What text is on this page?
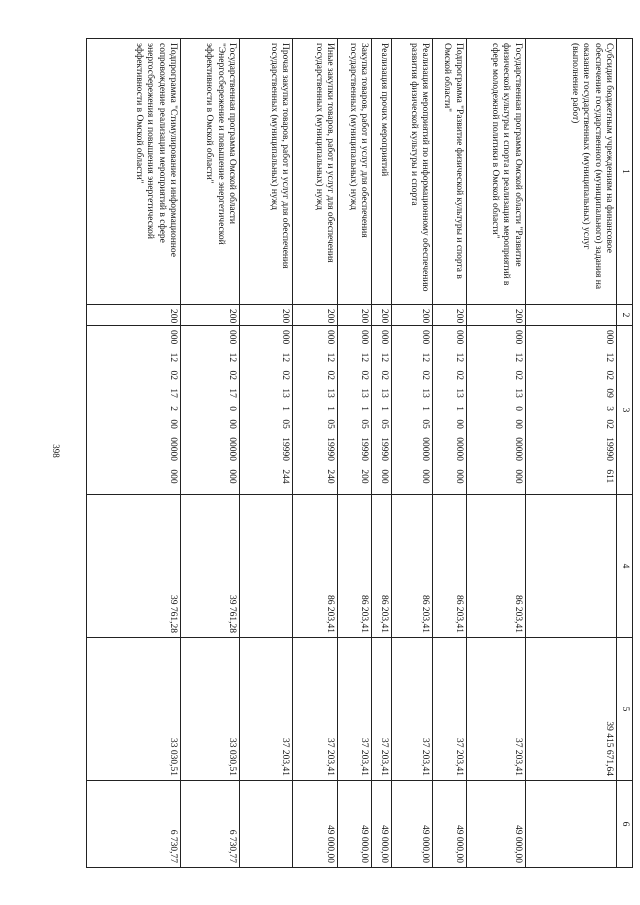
398
1	2	3	4	5	6
Субсидии бюджетным учреждениям на финансовое обеспечение государственного (муниципального) задания на оказание государственных (муниципальных) услуг (выполнение работ)		000 12 02 09 3 02 19990 611		39 415 671,64	
Государственная программа Омской области "Развитие физической культуры и спорта и реализация мероприятий в сфере молодежной политики в Омской области"	200	000 12 02 13 0 00 00000 000	86 203,41	37 203,41	49 000,00
Подпрограмма "Развитие физической культуры и спорта в Омской области"	200	000 12 02 13 1 00 00000 000	86 203,41	37 203,41	49 000,00
Реализация мероприятий по информационному обеспечению развития физической культуры и спорта	200	000 12 02 13 1 05 00000 000	86 203,41	37 203,41	49 000,00
Реализация прочих мероприятий	200	000 12 02 13 1 05 19990 000	86 203,41	37 203,41	49 000,00
Закупка товаров, работ и услуг для обеспечения государственных (муниципальных) нужд	200	000 12 02 13 1 05 19990 200	86 203,41	37 203,41	49 000,00
Иные закупки товаров, работ и услуг для обеспечения государственных (муниципальных) нужд	200	000 12 02 13 1 05 19990 240	86 203,41	37 203,41	49 000,00
Прочая закупка товаров, работ и услуг для обеспечения государственных (муниципальных) нужд	200	000 12 02 13 1 05 19990 244		37 203,41	
Государственная программа Омской области "Энергосбережение и повышение энергетической эффективности в Омской области"	200	000 12 02 17 0 00 00000 000	39 761,28	33 030,51	6 730,77
Подпрограмма "Стимулирование и информационное сопровождение реализации мероприятий в сфере энергосбережения и повышения энергетической эффективности в Омской области"	200	000 12 02 17 2 00 00000 000	39 761,28	33 030,51	6 730,77
